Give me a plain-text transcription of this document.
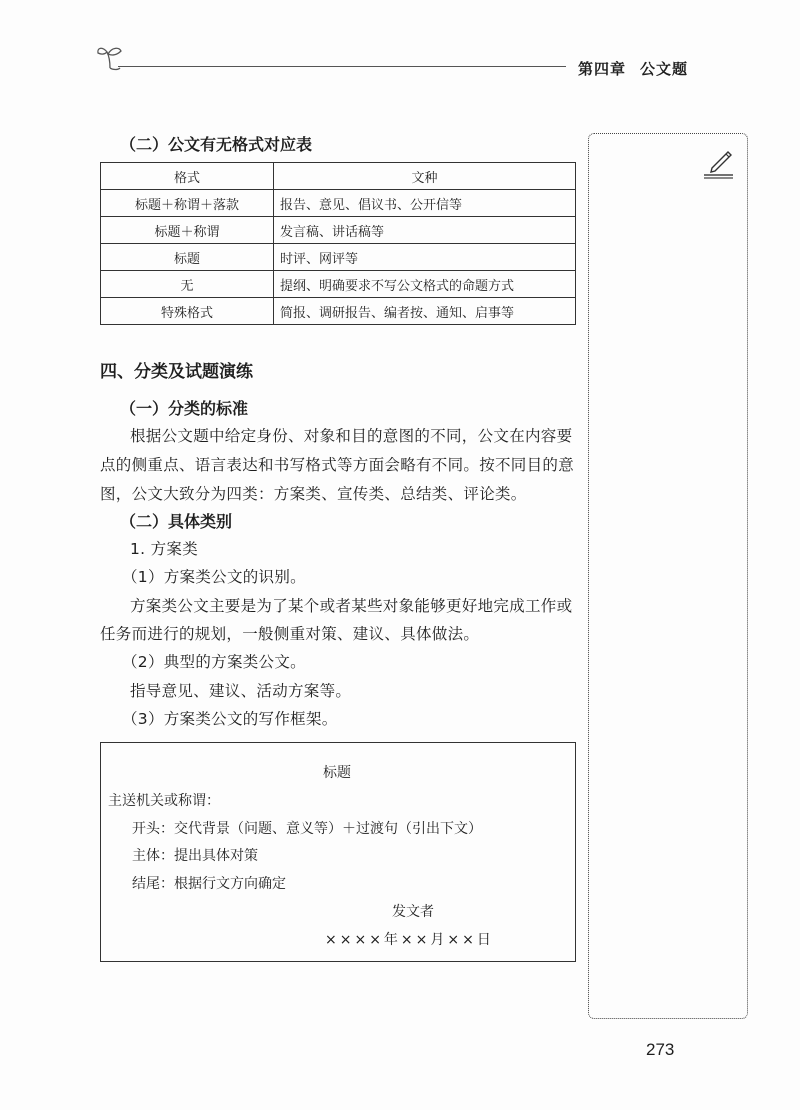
第四章 公文题
（二）公文有无格式对应表
格式	文种
标题＋称谓＋落款	报告、意见、倡议书、公开信等
标题＋称谓	发言稿、讲话稿等
标题	时评、网评等
无	提纲、明确要求不写公文格式的命题方式
特殊格式	简报、调研报告、编者按、通知、启事等
四、分类及试题演练
（一）分类的标准
根据公文题中给定身份、对象和目的意图的不同，公文在内容要
点的侧重点、语言表达和书写格式等方面会略有不同。按不同目的意
图，公文大致分为四类：方案类、宣传类、总结类、评论类。
（二）具体类别
1. 方案类
（1）方案类公文的识别。
方案类公文主要是为了某个或者某些对象能够更好地完成工作或
任务而进行的规划，一般侧重对策、建议、具体做法。
（2）典型的方案类公文。
指导意见、建议、活动方案等。
（3）方案类公文的写作框架。
标题
主送机关或称谓：
开头：交代背景（问题、意义等）＋过渡句（引出下文）
主体：提出具体对策
结尾：根据行文方向确定
发文者
××××年××月××日
273
